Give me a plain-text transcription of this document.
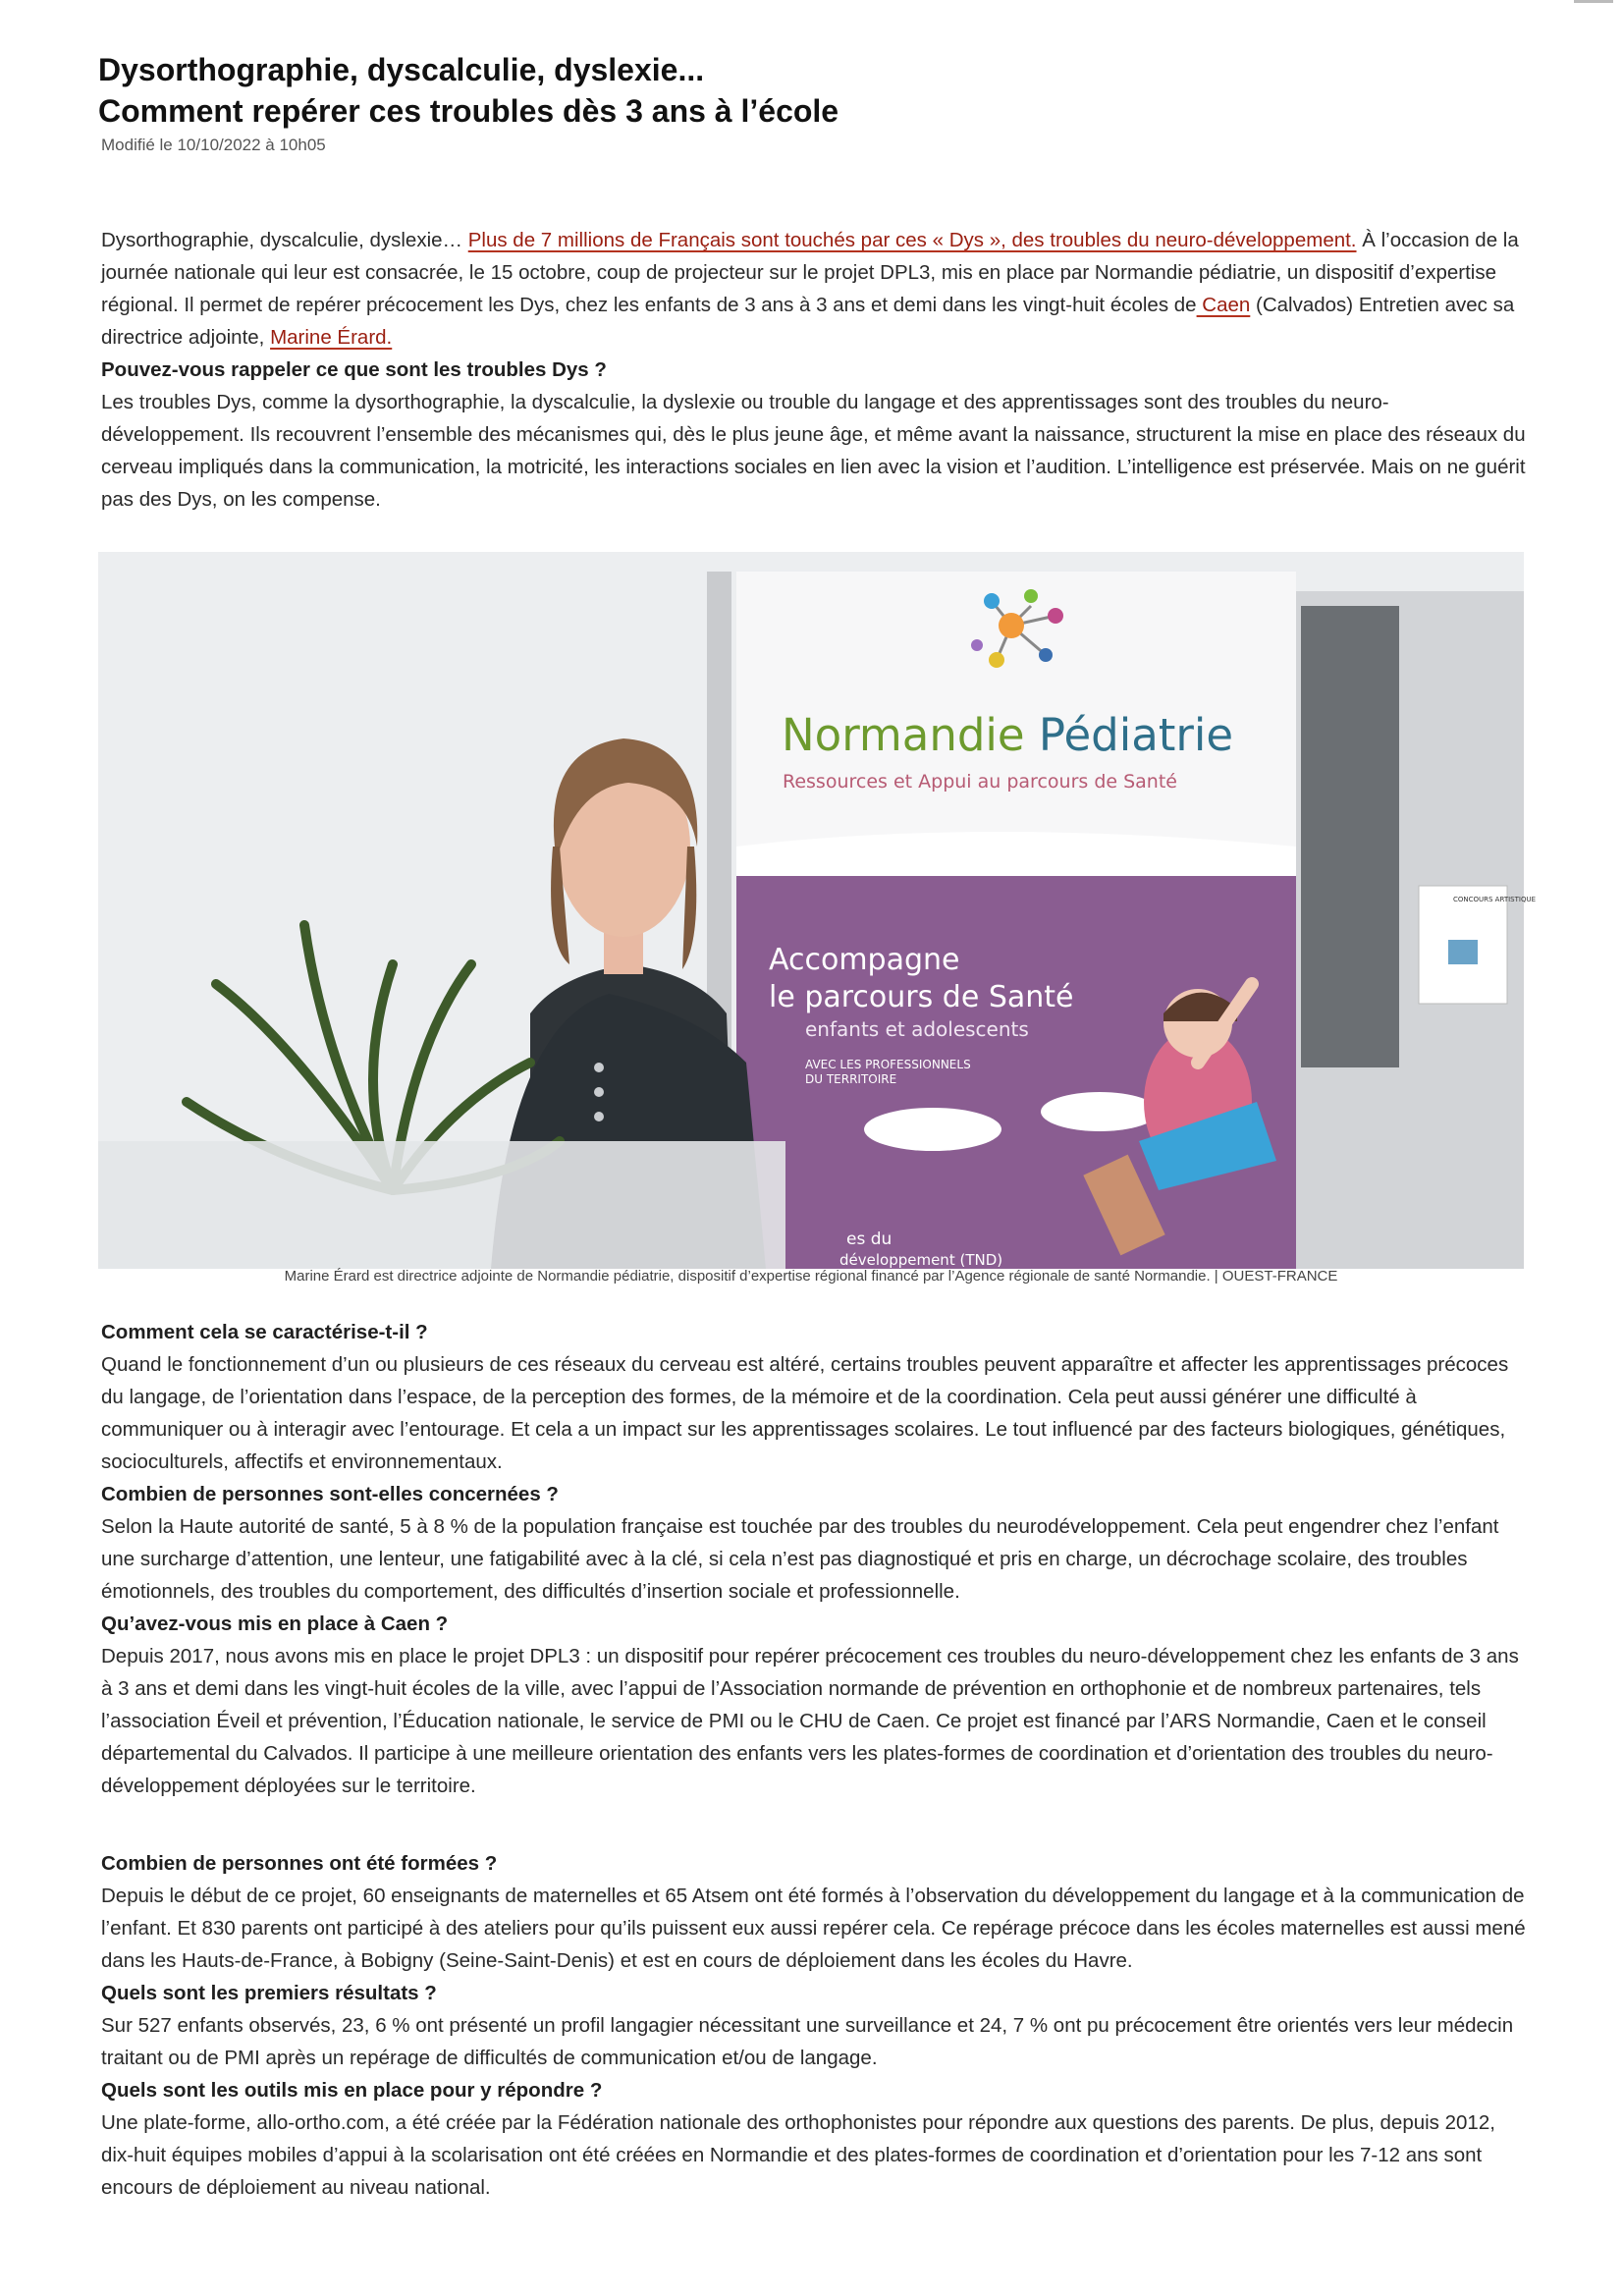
Dysorthographie, dyscalculie, dyslexie...
Comment repérer ces troubles dès 3 ans à l’école
Modifié le 10/10/2022 à 10h05

Dysorthographie, dyscalculie, dyslexie… Plus de 7 millions de Français sont touchés par ces « Dys », des troubles du neuro-développement. À l’occasion de la journée nationale qui leur est consacrée, le 15 octobre, coup de projecteur sur le projet DPL3, mis en place par Normandie pédiatrie, un dispositif d’expertise régional. Il permet de repérer précocement les Dys, chez les enfants de 3 ans à 3 ans et demi dans les vingt-huit écoles de Caen (Calvados) Entretien avec sa directrice adjointe, Marine Érard.

Pouvez-vous rappeler ce que sont les troubles Dys ?

Les troubles Dys, comme la dysorthographie, la dyscalculie, la dyslexie ou trouble du langage et des apprentissages sont des troubles du neuro-développement. Ils recouvrent l’ensemble des mécanismes qui, dès le plus jeune âge, et même avant la naissance, structurent la mise en place des réseaux du cerveau impliqués dans la communication, la motricité, les interactions sociales en lien avec la vision et l’audition. L’intelligence est préservée. Mais on ne guérit pas des Dys, on les compense.

Normandie Pédiatrie
Ressources et Appui au parcours de Santé
Accompagne
le parcours de Santé
enfants et adolescents
AVEC LES PROFESSIONNELS
DU TERRITOIRE
es du
développement (TND)
CONCOURS ARTISTIQUE
Marine Érard est directrice adjointe de Normandie pédiatrie, dispositif d’expertise régional financé par l’Agence régionale de santé Normandie. | OUEST-FRANCE

Comment cela se caractérise-t-il ?

Quand le fonctionnement d’un ou plusieurs de ces réseaux du cerveau est altéré, certains troubles peuvent apparaître et affecter les apprentissages précoces du langage, de l’orientation dans l’espace, de la perception des formes, de la mémoire et de la coordination. Cela peut aussi générer une difficulté à communiquer ou à interagir avec l’entourage. Et cela a un impact sur les apprentissages scolaires. Le tout influencé par des facteurs biologiques, génétiques, socioculturels, affectifs et environnementaux.

Combien de personnes sont-elles concernées ?

Selon la Haute autorité de santé, 5 à 8 % de la population française est touchée par des troubles du neurodéveloppement. Cela peut engendrer chez l’enfant une surcharge d’attention, une lenteur, une fatigabilité avec à la clé, si cela n’est pas diagnostiqué et pris en charge, un décrochage scolaire, des troubles émotionnels, des troubles du comportement, des difficultés d’insertion sociale et professionnelle.

Qu’avez-vous mis en place à Caen ?

Depuis 2017, nous avons mis en place le projet DPL3 : un dispositif pour repérer précocement ces troubles du neuro-développement chez les enfants de 3 ans à 3 ans et demi dans les vingt-huit écoles de la ville, avec l’appui de l’Association normande de prévention en orthophonie et de nombreux partenaires, tels l’association Éveil et prévention, l’Éducation nationale, le service de PMI ou le CHU de Caen. Ce projet est financé par l’ARS Normandie, Caen et le conseil départemental du Calvados. Il participe à une meilleure orientation des enfants vers les plates-formes de coordination et d’orientation des troubles du neuro-développement déployées sur le territoire.

Combien de personnes ont été formées ?

Depuis le début de ce projet, 60 enseignants de maternelles et 65 Atsem ont été formés à l’observation du développement du langage et à la communication de l’enfant. Et 830 parents ont participé à des ateliers pour qu’ils puissent eux aussi repérer cela. Ce repérage précoce dans les écoles maternelles est aussi mené dans les Hauts-de-France, à Bobigny (Seine-Saint-Denis) et est en cours de déploiement dans les écoles du Havre.

Quels sont les premiers résultats ?

Sur 527 enfants observés, 23, 6 % ont présenté un profil langagier nécessitant une surveillance et 24, 7 % ont pu précocement être orientés vers leur médecin traitant ou de PMI après un repérage de difficultés de communication et/ou de langage.

Quels sont les outils mis en place pour y répondre ?

Une plate-forme, allo-ortho.com, a été créée par la Fédération nationale des orthophonistes pour répondre aux questions des parents. De plus, depuis 2012, dix-huit équipes mobiles d’appui à la scolarisation ont été créées en Normandie et des plates-formes de coordination et d’orientation pour les 7-12 ans sont encours de déploiement au niveau national.
